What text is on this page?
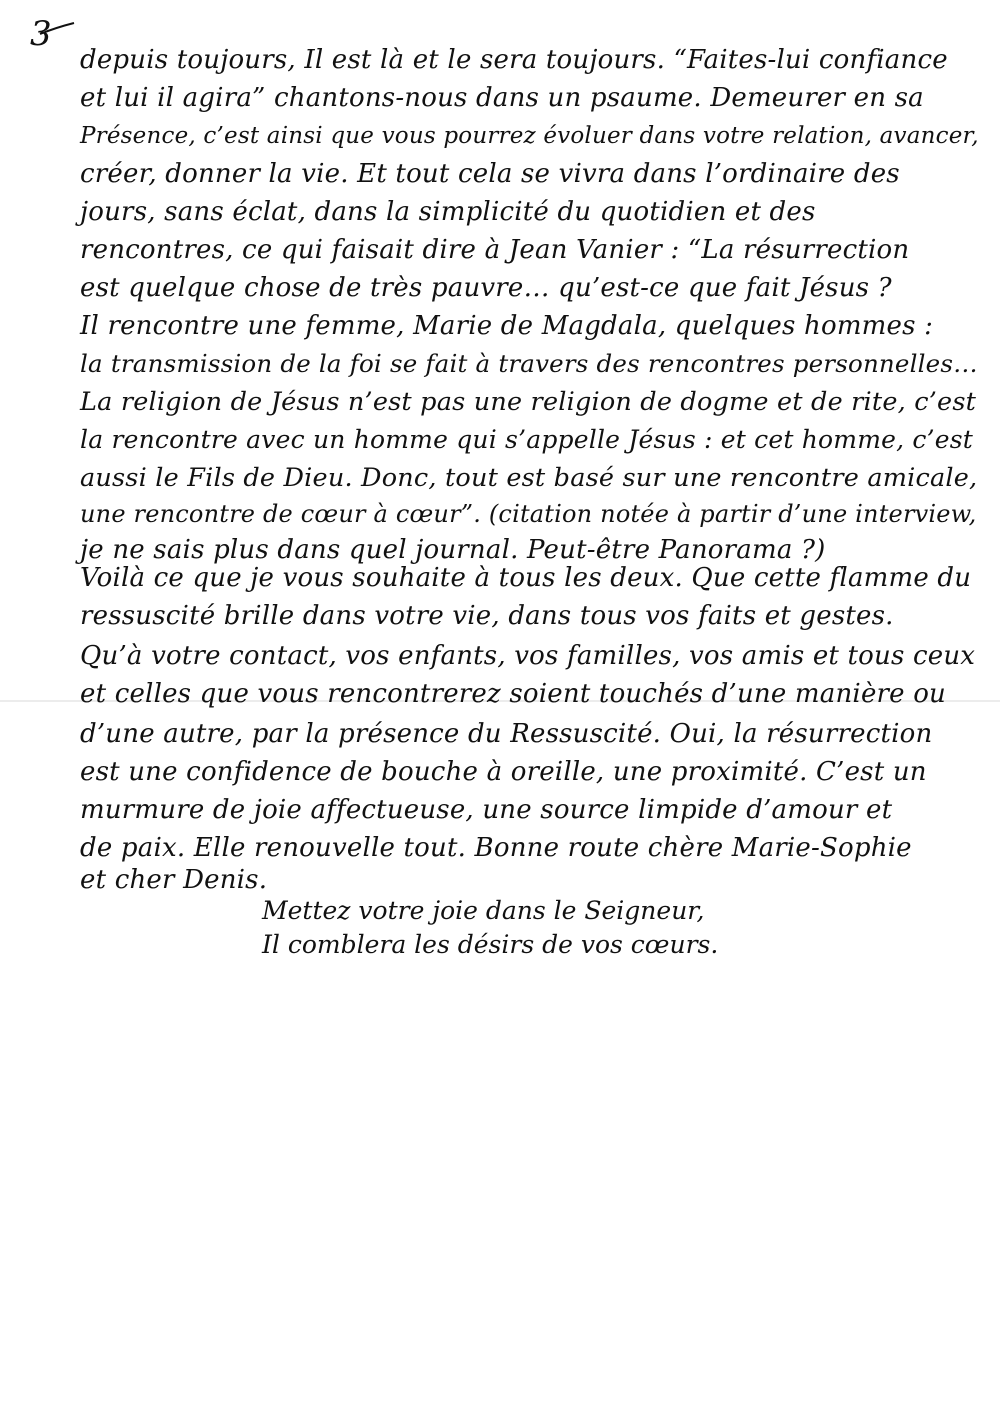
3
depuis toujours, Il est là et le sera toujours. “Faites-lui confiance
et lui il agira” chantons-nous dans un psaume. Demeurer en sa
Présence, c’est ainsi que vous pourrez évoluer dans votre relation, avancer,
créer, donner la vie. Et tout cela se vivra dans l’ordinaire des
jours, sans éclat, dans la simplicité du quotidien et des
rencontres, ce qui faisait dire à Jean Vanier : “La résurrection
est quelque chose de très pauvre… qu’est-ce que fait Jésus ?
Il rencontre une femme, Marie de Magdala, quelques hommes :
la transmission de la foi se fait à travers des rencontres personnelles…
La religion de Jésus n’est pas une religion de dogme et de rite, c’est
la rencontre avec un homme qui s’appelle Jésus : et cet homme, c’est
aussi le Fils de Dieu. Donc, tout est basé sur une rencontre amicale,
une rencontre de cœur à cœur”. (citation notée à partir d’une interview,
je ne sais plus dans quel journal. Peut-être Panorama ?)
Voilà ce que je vous souhaite à tous les deux. Que cette flamme du
ressuscité brille dans votre vie, dans tous vos faits et gestes.
Qu’à votre contact, vos enfants, vos familles, vos amis et tous ceux
et celles que vous rencontrerez soient touchés d’une manière ou
d’une autre, par la présence du Ressuscité. Oui, la résurrection
est une confidence de bouche à oreille, une proximité. C’est un
murmure de joie affectueuse, une source limpide d’amour et
de paix. Elle renouvelle tout. Bonne route chère Marie-Sophie
et cher Denis.
Mettez votre joie dans le Seigneur,
Il comblera les désirs de vos cœurs.
